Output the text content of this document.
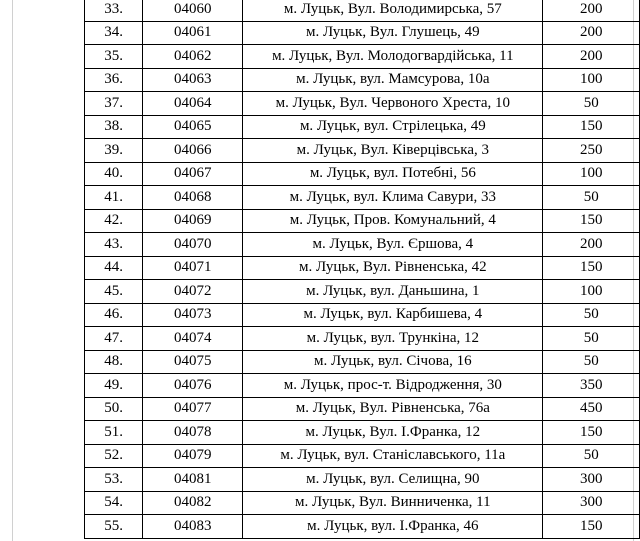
33.	04060	м. Луцьк, Вул. Володимирська, 57	200
34.	04061	м. Луцьк, Вул. Глушець, 49	200
35.	04062	м. Луцьк, Вул. Молодогвардійська, 11	200
36.	04063	м. Луцьк, вул. Мамсурова, 10а	100
37.	04064	м. Луцьк, Вул. Червоного Хреста, 10	50
38.	04065	м. Луцьк, вул. Стрілецька, 49	150
39.	04066	м. Луцьк, Вул. Ківерцівська, 3	250
40.	04067	м. Луцьк, вул. Потебні, 56	100
41.	04068	м. Луцьк, вул. Клима Савури, 33	50
42.	04069	м. Луцьк, Пров. Комунальний, 4	150
43.	04070	м. Луцьк, Вул. Єршова, 4	200
44.	04071	м. Луцьк, Вул. Рівненська, 42	150
45.	04072	м. Луцьк, вул. Даньшина, 1	100
46.	04073	м. Луцьк, вул. Карбишева, 4	50
47.	04074	м. Луцьк, вул. Трункіна, 12	50
48.	04075	м. Луцьк, вул. Січова, 16	50
49.	04076	м. Луцьк, прос-т. Відродження, 30	350
50.	04077	м. Луцьк, Вул. Рівненська, 76а	450
51.	04078	м. Луцьк, Вул. І.Франка, 12	150
52.	04079	м. Луцьк, вул. Станіславського, 11а	50
53.	04081	м. Луцьк, вул. Селищна, 90	300
54.	04082	м. Луцьк, Вул. Винниченка, 11	300
55.	04083	м. Луцьк, вул. І.Франка, 46	150
